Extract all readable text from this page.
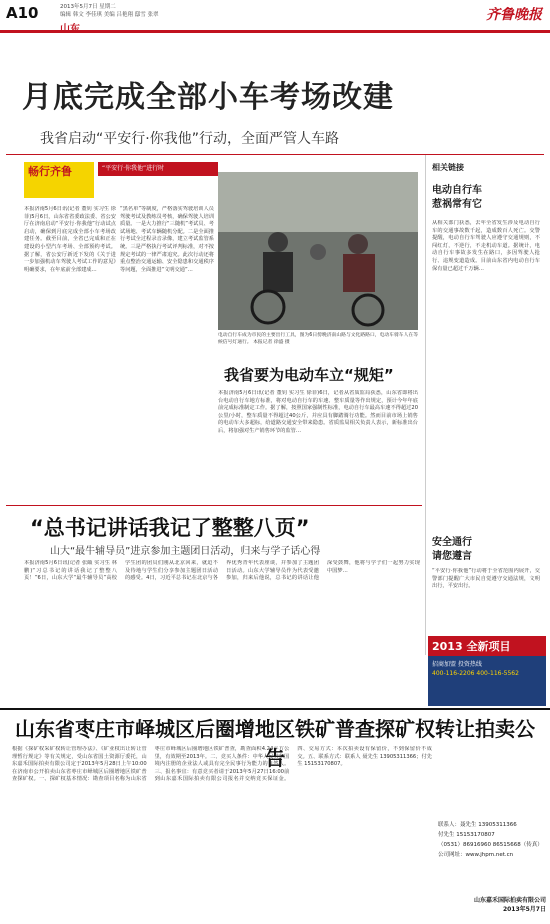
A10	2013年5月7日 星期二
编辑 韩文 李佳琪 美编 吕艳翔 邸雪 张翠	齐鲁晚报
月底完成全部小车考场改建
我省启动“平安行·你我他”行动，全面严管人车路
畅行齐鲁	“平安行·你我他”进行时
本报济南5月6日讯(记者 董钊 实习生 徐菲)5月6日，山东省省委政法委、省公安厅在济南启动“平安行·你我他”行动试点启动，确保到月底完成全部小车考场改建任务。截至目前，全省已完成和正在建设的小型汽车考场、全部预约考试。据了解，省公安厅新近下发的《关于进一步加强机动车驾驶人考试工作的意见》明确要求，在年底前全部建成…
“黑名单”等制度，严格落实驾驶培训人员驾驶考试及教练员考核，确保驾驶人培训质量。一是大力推行“三随机”考试员、考试场地、考试车辆随机分配。二是全面推行考试全过程录音录像，建立考试监管系统。三是严格执行考试评判标准，对不按规定考试的一律严肃追究。此次行动还将重点整治交通运输、安全隐患和交通秩序等问题，全面推进“文明交通”…
电动自行车成为市民的主要出行工具，图为6日傍晚济南山路与文化路路口，电动车骑车人在等候信号灯通行。 本报记者 徐盛 摄
我省要为电动车立“规矩”
本报济南5月6日讯(记者 董钊 实习生 徐菲)6日，记者从省质监局获悉，山东省即将出台电动自行车地方标准，将对电动自行车的车速、整车质量等作出规定，预计今年年底前完成标准制定工作。据了解，按照国家强制性标准，电动自行车最高车速不得超过20公里/小时，整车质量不得超过40公斤，并应具有脚踏骑行功能。然而目前市场上销售的电动车大多超标，给道路交通安全带来隐患。省质监局相关负责人表示，新标准出台后，将加强对生产销售环节的监管…
相关链接
电动自行车
惹祸常有它
从相关部门获悉，去年全省发生涉及电动自行车的交通事故数千起，造成数百人死亡。交警提醒，电动自行车驾驶人应遵守交通规则，不闯红灯，不逆行，不走机动车道。据统计，电动自行车事故多发生在路口，多因驾驶人抢行、违规变道造成。目前山东省内电动自行车保有量已超过千万辆…
安全通行
请您遵言
“平安行·你我他”行动将于全省范围内展开，交警部门提醒广大市民自觉遵守交通法规，文明出行，平安出行。
“总书记讲话我记了整整八页”
山大“最牛辅导员”进京参加主题团日活动，归来与学子话心得
本报济南5月6日讯(记者 张頔 实习生 林鹏)“习总书记的讲话我记了整整八页！”6日，山东大学“最牛辅导员”高校学生团的团员们刚从北京回来，就迫不及待地与学生们分享参加主题团日活动的感受。4日，习近平总书记在北京与各界优秀青年代表座谈，并参加了主题团日活动。山东大学辅导员作为代表受邀参加，归来后他说，总书记的讲话让他深受鼓舞，他将与学子们一起努力实现中国梦…
2013 全新项目
招商加盟 投资热线
400-116-2206 400-116-5562
山东省枣庄市峄城区后圈增地区铁矿普查探矿权转让拍卖公告
根据《探矿权采矿权转让管理办法》、《矿业权出让转让管理暂行规定》等有关规定，受山东省国土资源厅委托，山东嘉禾国际拍卖有限公司定于2013年5月28日上午10:00在济南市公开拍卖山东省枣庄市峄城区后圈增地区铁矿普查探矿权。一、探矿权基本情况：勘查项目名称为山东省枣庄市峄城区后圈增地区铁矿普查，勘查面积4.24平方公里，有效期至2013年。二、竞买人条件：中华人民共和国境内注册的企业法人或具有完全民事行为能力的自然人。三、报名事宜：有意竞买者请于2013年5月27日16:00前到山东嘉禾国际拍卖有限公司报名并交纳竞买保证金。四、交易方式：本次拍卖设有保留价，不到保留价不成交。五、联系方式：联系人 聂先生 13905311366；付先生 15153170807。
联系人：聂先生 13905311366
付先生 15153170807
（0531）86916960 86515668（传真）
公司网址：www.jhpm.net.cn
山东嘉禾国际拍卖有限公司
2013年5月7日
